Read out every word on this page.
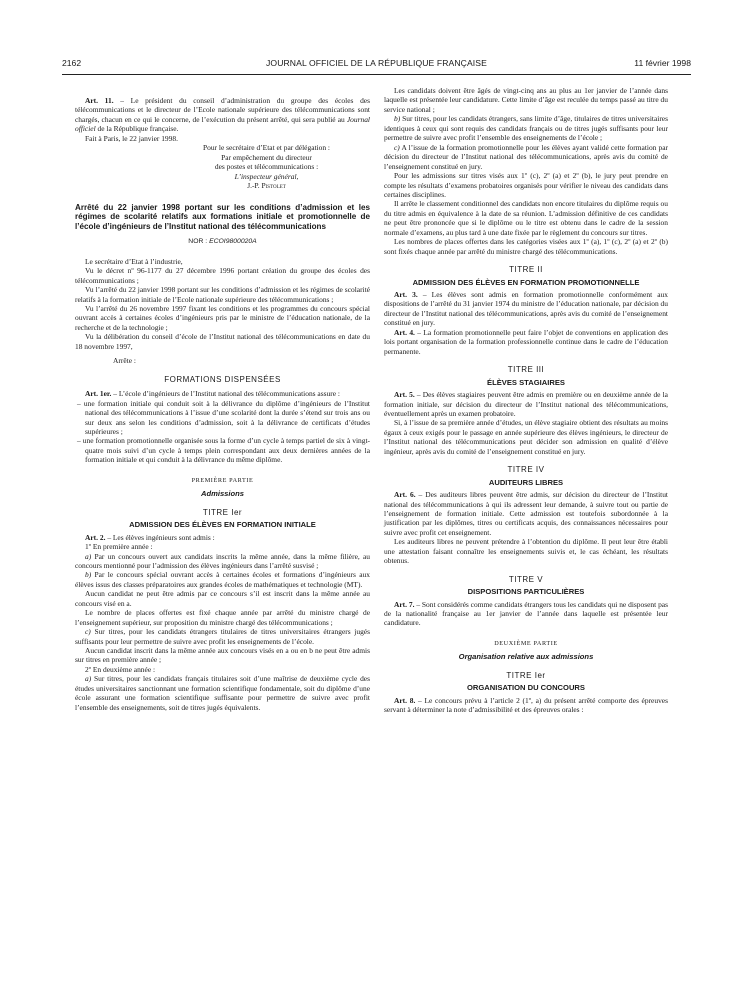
2162	JOURNAL OFFICIEL DE LA RÉPUBLIQUE FRANÇAISE	11 février 1998

Art. 11. – Le président du conseil d’administration du groupe des écoles des télécommunications et le directeur de l’Ecole nationale supérieure des télécommunications sont chargés, chacun en ce qui le concerne, de l’exécution du présent arrêté, qui sera publié au Journal officiel de la République française.

Fait à Paris, le 22 janvier 1998.

Pour le secrétaire d’Etat et par délégation :

Par empêchement du directeur

des postes et télécommunications :

L’inspecteur général,

J.-P. Pistolet

Arrêté du 22 janvier 1998 portant sur les conditions d’admission et les régimes de scolarité relatifs aux formations initiale et promotionnelle de l’école d’ingénieurs de l’Institut national des télécommunications

NOR : ECOI9800020A

Le secrétaire d’Etat à l’industrie,

Vu le décret nº 96-1177 du 27 décembre 1996 portant création du groupe des écoles des télécommunications ;

Vu l’arrêté du 22 janvier 1998 portant sur les conditions d’admission et les régimes de scolarité relatifs à la formation initiale de l’Ecole nationale supérieure des télécommunications ;

Vu l’arrêté du 26 novembre 1997 fixant les conditions et les programmes du concours spécial ouvrant accès à certaines écoles d’ingénieurs pris par le ministre de l’éducation nationale, de la recherche et de la technologie ;

Vu la délibération du conseil d’école de l’Institut national des télécommunications en date du 18 novembre 1997,

Arrête :

FORMATIONS DISPENSÉES

Art. 1er. – L’école d’ingénieurs de l’Institut national des télécommunications assure :

– une formation initiale qui conduit soit à la délivrance du diplôme d’ingénieurs de l’Institut national des télécommunications à l’issue d’une scolarité dont la durée s’étend sur trois ans ou sur deux ans selon les conditions d’admission, soit à la délivrance de certificats d’études supérieures ;
– une formation promotionnelle organisée sous la forme d’un cycle à temps partiel de six à vingt-quatre mois suivi d’un cycle à temps plein correspondant aux deux dernières années de la formation initiale et qui conduit à la délivrance du même diplôme.

PREMIÈRE PARTIE

Admissions

TITRE Ier

ADMISSION DES ÉLÈVES EN FORMATION INITIALE

Art. 2. – Les élèves ingénieurs sont admis :

1º En première année :

a) Par un concours ouvert aux candidats inscrits la même année, dans la même filière, au concours mentionné pour l’admission des élèves ingénieurs dans l’arrêté susvisé ;

b) Par le concours spécial ouvrant accès à certaines écoles et formations d’ingénieurs aux élèves issus des classes préparatoires aux grandes écoles de mathématiques et technologie (MT).

Aucun candidat ne peut être admis par ce concours s’il est inscrit dans la même année au concours visé en a.

Le nombre de places offertes est fixé chaque année par arrêté du ministre chargé de l’enseignement supérieur, sur proposition du ministre chargé des télécommunications ;

c) Sur titres, pour les candidats étrangers titulaires de titres universitaires étrangers jugés suffisants pour leur permettre de suivre avec profit les enseignements de l’école.

Aucun candidat inscrit dans la même année aux concours visés en a ou en b ne peut être admis sur titres en première année ;

2º En deuxième année :

a) Sur titres, pour les candidats français titulaires soit d’une maîtrise de deuxième cycle des études universitaires sanctionnant une formation scientifique fondamentale, soit du diplôme d’une école assurant une formation scientifique suffisante pour permettre de suivre avec profit l’ensemble des enseignements, soit de titres jugés équivalents.

Les candidats doivent être âgés de vingt-cinq ans au plus au 1er janvier de l’année dans laquelle est présentée leur candidature. Cette limite d’âge est reculée du temps passé au titre du service national ;

b) Sur titres, pour les candidats étrangers, sans limite d’âge, titulaires de titres universitaires identiques à ceux qui sont requis des candidats français ou de titres jugés suffisants pour leur permettre de suivre avec profit l’ensemble des enseignements de l’école ;

c) A l’issue de la formation promotionnelle pour les élèves ayant validé cette formation par décision du directeur de l’Institut national des télécommunications, après avis du comité de l’enseignement constitué en jury.

Pour les admissions sur titres visés aux 1º (c), 2º (a) et 2º (b), le jury peut prendre en compte les résultats d’examens probatoires organisés pour vérifier le niveau des candidats dans certaines disciplines.

Il arrête le classement conditionnel des candidats non encore titulaires du diplôme requis ou du titre admis en équivalence à la date de sa réunion. L’admission définitive de ces candidats ne peut être prononcée que si le diplôme ou le titre est obtenu dans le cadre de la session normale d’examens, au plus tard à une date fixée par le règlement du concours sur titres.

Les nombres de places offertes dans les catégories visées aux 1º (a), 1º (c), 2º (a) et 2º (b) sont fixés chaque année par arrêté du ministre chargé des télécommunications.

TITRE II

ADMISSION DES ÉLÈVES EN FORMATION PROMOTIONNELLE

Art. 3. – Les élèves sont admis en formation promotionnelle conformément aux dispositions de l’arrêté du 31 janvier 1974 du ministre de l’éducation nationale, par décision du directeur de l’Institut national des télécommunications, après avis du comité de l’enseignement constitué en jury.

Art. 4. – La formation promotionnelle peut faire l’objet de conventions en application des lois portant organisation de la formation professionnelle continue dans le cadre de l’éducation permanente.

TITRE III

ÉLÈVES STAGIAIRES

Art. 5. – Des élèves stagiaires peuvent être admis en première ou en deuxième année de la formation initiale, sur décision du directeur de l’Institut national des télécommunications, éventuellement après un examen probatoire.

Si, à l’issue de sa première année d’études, un élève stagiaire obtient des résultats au moins égaux à ceux exigés pour le passage en année supérieure des élèves ingénieurs, le directeur de l’Institut national des télécommunications peut décider son admission en qualité d’élève ingénieur, après avis du comité de l’enseignement constitué en jury.

TITRE IV

AUDITEURS LIBRES

Art. 6. – Des auditeurs libres peuvent être admis, sur décision du directeur de l’Institut national des télécommunications à qui ils adressent leur demande, à suivre tout ou partie de l’enseignement de formation initiale. Cette admission est toutefois subordonnée à la justification par les diplômes, titres ou certificats acquis, des connaissances nécessaires pour suivre avec profit cet enseignement.

Les auditeurs libres ne peuvent prétendre à l’obtention du diplôme. Il peut leur être établi une attestation faisant connaître les enseignements suivis et, le cas échéant, les résultats obtenus.

TITRE V

DISPOSITIONS PARTICULIÈRES

Art. 7. – Sont considérés comme candidats étrangers tous les candidats qui ne disposent pas de la nationalité française au 1er janvier de l’année dans laquelle est présentée leur candidature.

DEUXIÈME PARTIE

Organisation relative aux admissions

TITRE Ier

ORGANISATION DU CONCOURS

Art. 8. – Le concours prévu à l’article 2 (1º, a) du présent arrêté comporte des épreuves servant à déterminer la note d’admissibilité et des épreuves orales :
